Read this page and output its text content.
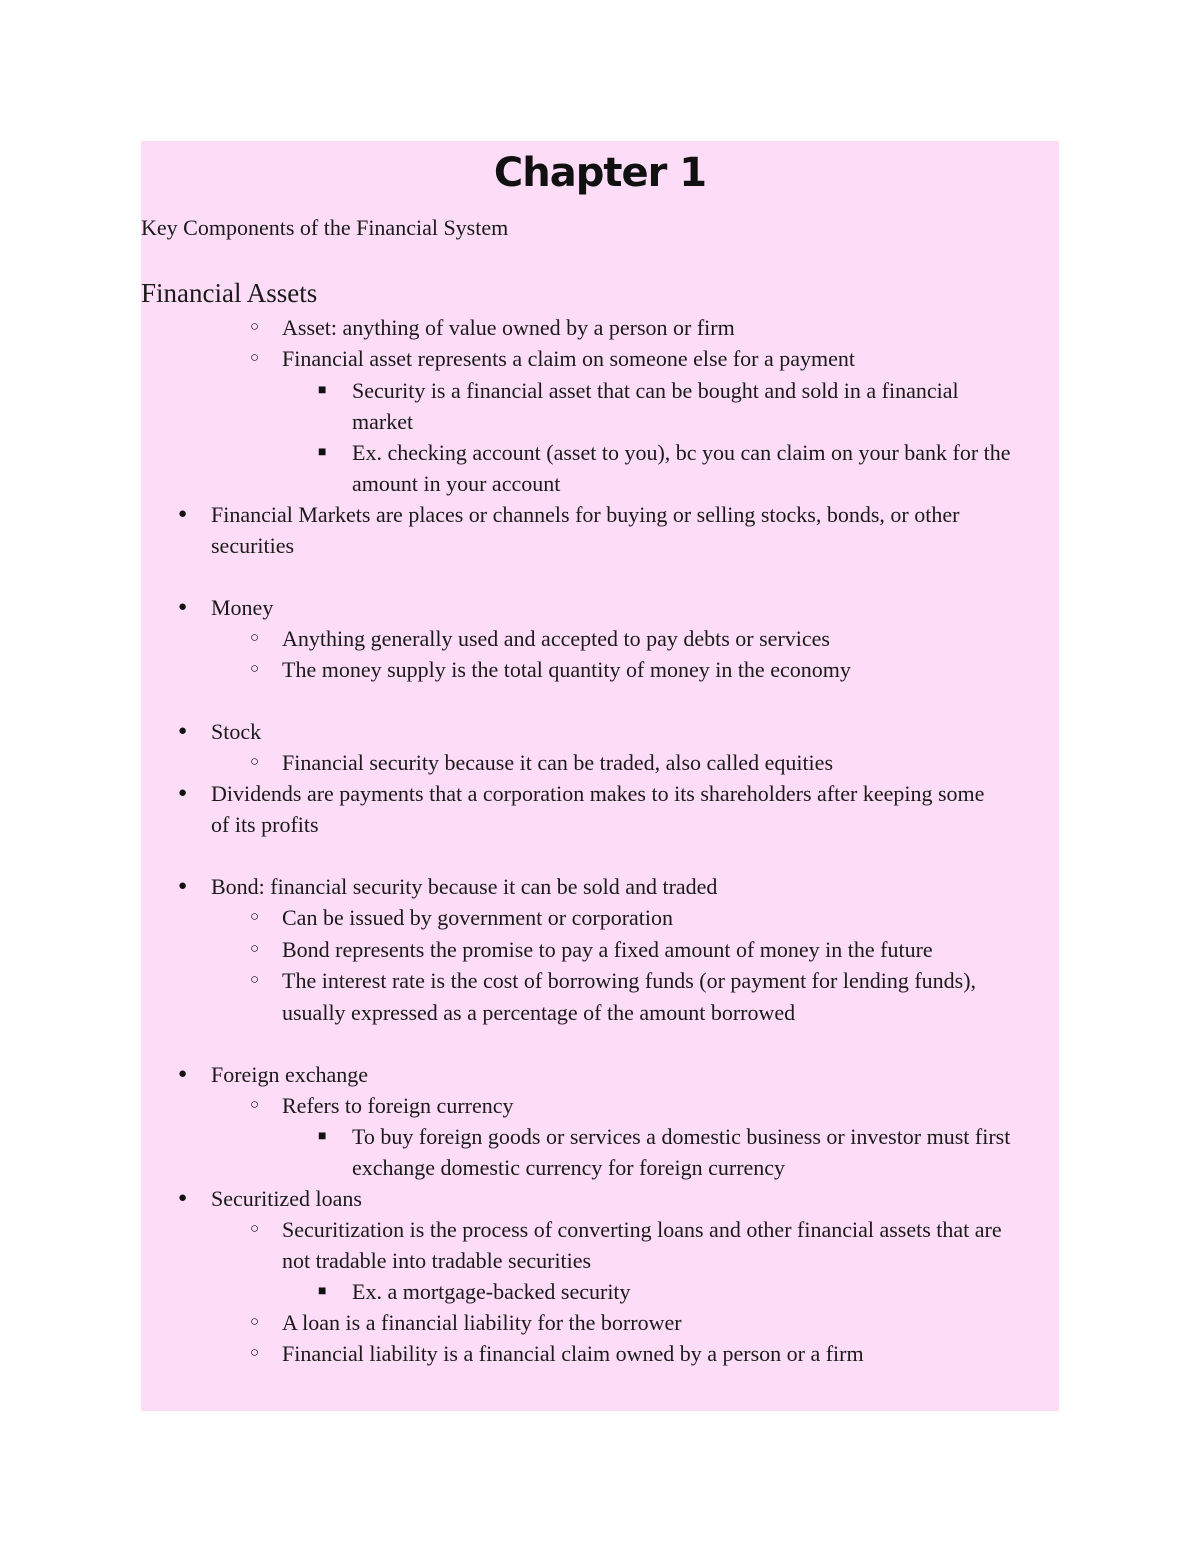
Chapter 1
Key Components of the Financial System
Financial Assets
○ Asset: anything of value owned by a person or firm
○ Financial asset represents a claim on someone else for a payment
■ Security is a financial asset that can be bought and sold in a financial
market
■ Ex. checking account (asset to you), bc you can claim on your bank for the
amount in your account
● Financial Markets are places or channels for buying or selling stocks, bonds, or other
securities
● Money
○ Anything generally used and accepted to pay debts or services
○ The money supply is the total quantity of money in the economy
● Stock
○ Financial security because it can be traded, also called equities
● Dividends are payments that a corporation makes to its shareholders after keeping some
of its profits
● Bond: financial security because it can be sold and traded
○ Can be issued by government or corporation
○ Bond represents the promise to pay a fixed amount of money in the future
○ The interest rate is the cost of borrowing funds (or payment for lending funds),
usually expressed as a percentage of the amount borrowed
● Foreign exchange
○ Refers to foreign currency
■ To buy foreign goods or services a domestic business or investor must first
exchange domestic currency for foreign currency
● Securitized loans
○ Securitization is the process of converting loans and other financial assets that are
not tradable into tradable securities
■ Ex. a mortgage-backed security
○ A loan is a financial liability for the borrower
○ Financial liability is a financial claim owned by a person or a firm
